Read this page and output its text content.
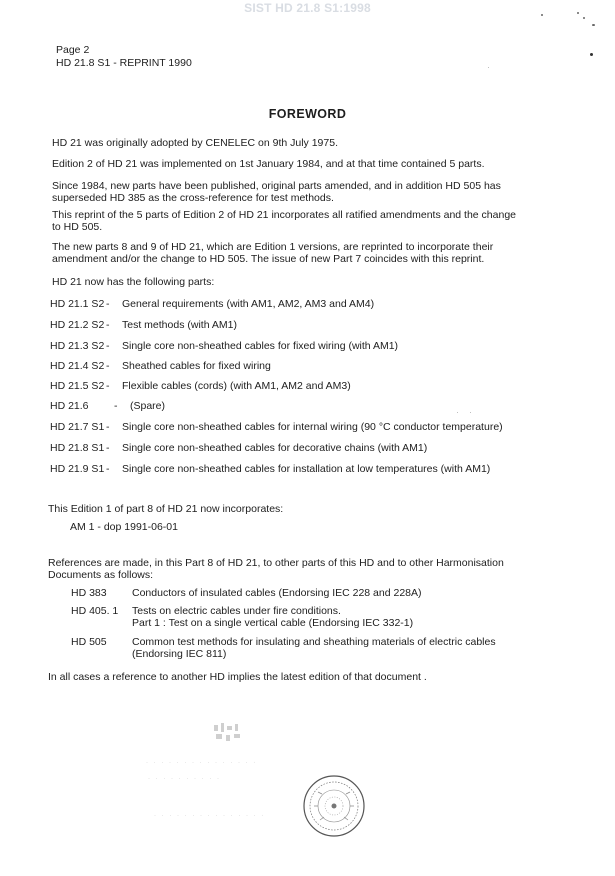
SIST HD 21.8 S1:1998
Page 2
HD 21.8 S1 - REPRINT 1990
FOREWORD
HD 21 was originally adopted by CENELEC on 9th July 1975.
Edition 2 of HD 21 was implemented on 1st January 1984, and at that time contained 5 parts.
Since 1984, new parts have been published, original parts amended, and in addition HD 505 has superseded HD 385 as the cross-reference for test methods.
This reprint of the 5 parts of Edition 2 of HD 21 incorporates all ratified amendments and the change to HD 505.
The new parts 8 and 9 of HD 21, which are Edition 1 versions, are reprinted to incorporate their amendment and/or the change to HD 505. The issue of new Part 7 coincides with this reprint.
HD 21 now has the following parts:
HD 21.1 S2 - General requirements (with AM1, AM2, AM3 and AM4)
HD 21.2 S2 - Test methods (with AM1)
HD 21.3 S2 - Single core non-sheathed cables for fixed wiring (with AM1)
HD 21.4 S2 - Sheathed cables for fixed wiring
HD 21.5 S2 - Flexible cables (cords) (with AM1, AM2 and AM3)
HD 21.6 - (Spare)
HD 21.7 S1 - Single core non-sheathed cables for internal wiring (90 °C conductor temperature)
HD 21.8 S1 - Single core non-sheathed cables for decorative chains (with AM1)
HD 21.9 S1 - Single core non-sheathed cables for installation at low temperatures (with AM1)
This Edition 1 of part 8 of HD 21 now incorporates:
AM 1 - dop 1991-06-01
References are made, in this Part 8 of HD 21, to other parts of this HD and to other Harmonisation Documents as follows:
HD 383 Conductors of insulated cables (Endorsing IEC 228 and 228A)
HD 405. 1 Tests on electric cables under fire conditions.
Part 1 : Test on a single vertical cable (Endorsing IEC 332-1)
HD 505 Common test methods for insulating and sheathing materials of electric cables
(Endorsing IEC 811)
In all cases a reference to another HD implies the latest edition of that document .
· · · · · · · · · · · · · · ·
· · · · · · · · · ·
· · · · · · · · · · · · · · ·
